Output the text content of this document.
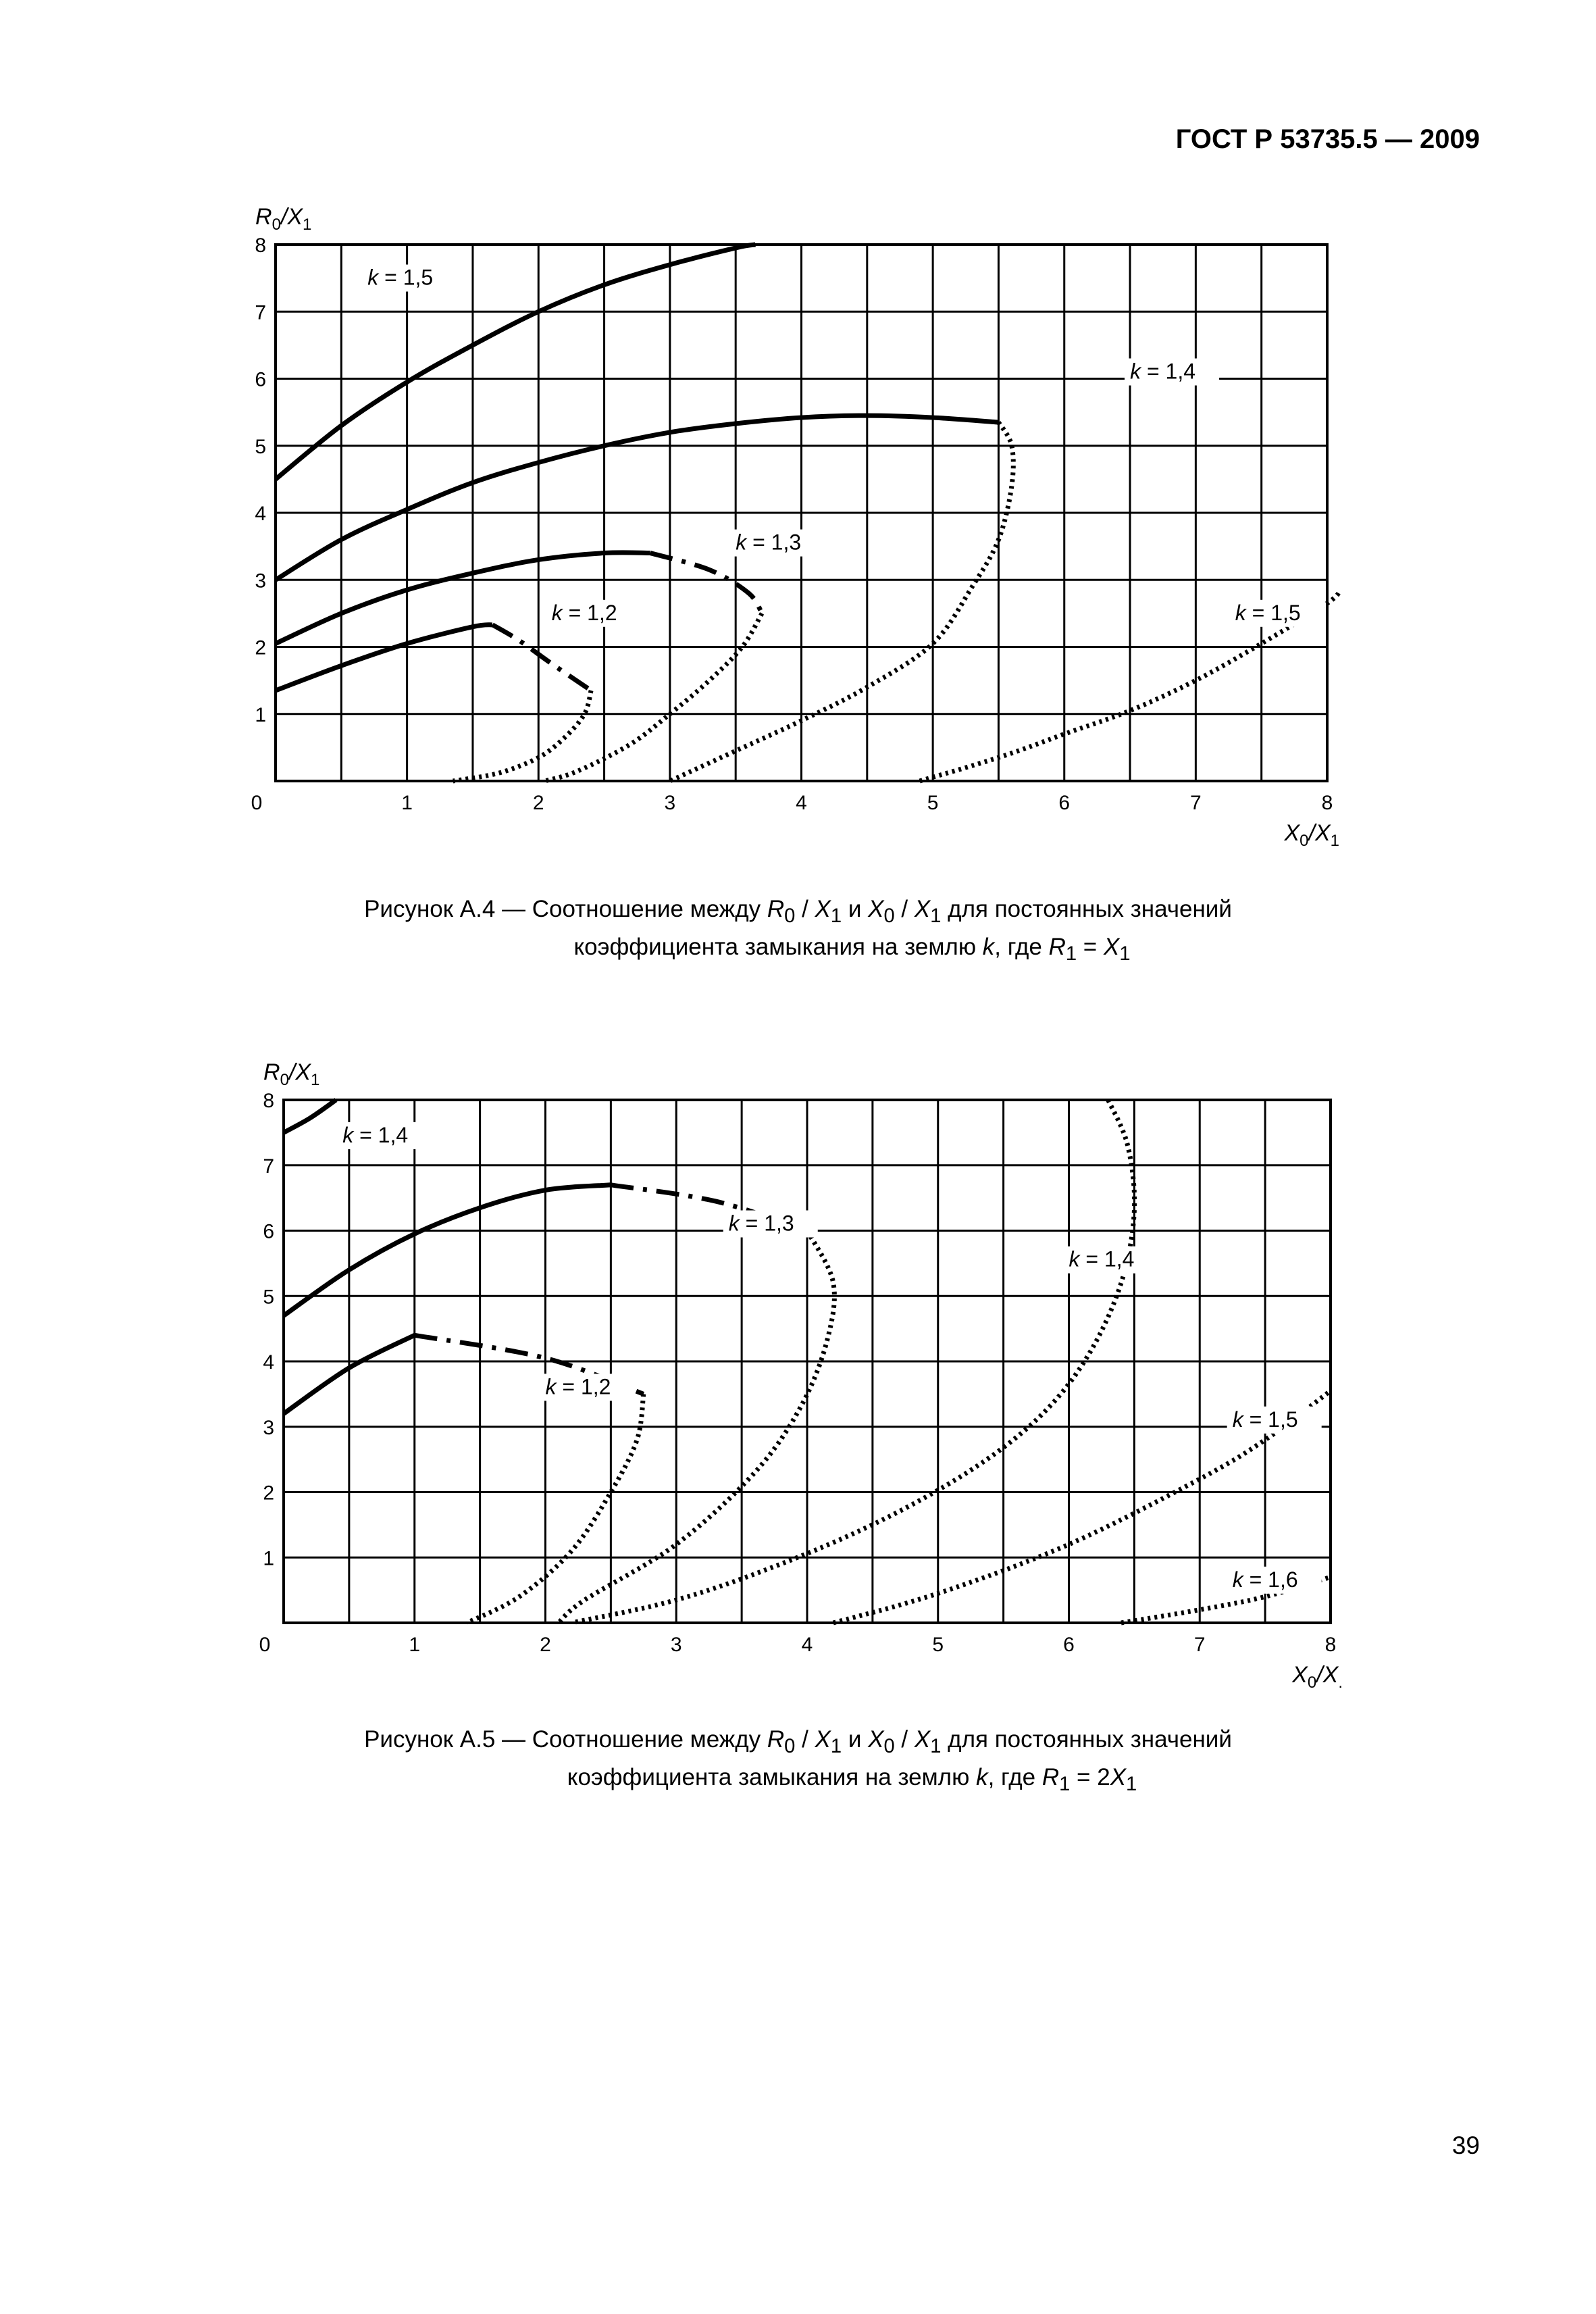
ГОСТ Р 53735.5 — 2009
0	1	2	3	4	5	6	7	8
1
2
3
4
5
6
7
8
$R_0/X_1$
$X_0/X_1$
k = 1,5
k = 1,4
k = 1,3
k = 1,2	k = 1,5
Рисунок А.4 — Соотношение между $R_0 / X_1$ и $X_0 / X_1$ для постоянных значений
коэффициента замыкания на землю k, где $R_1 = X_1$
0	1	2	3	4	5	6	7	8
1
2
3
4
5
6
7
8
$R_0/X_1$
$X_0/X_.$
k = 1,4
k = 1,3
k = 1,2
k = 1,4
k = 1,5
k = 1,6
Рисунок А.5 — Соотношение между $R_0 / X_1$ и $X_0 / X_1$ для постоянных значений
коэффициента замыкания на землю k, где $R_1 = 2X_1$
39
